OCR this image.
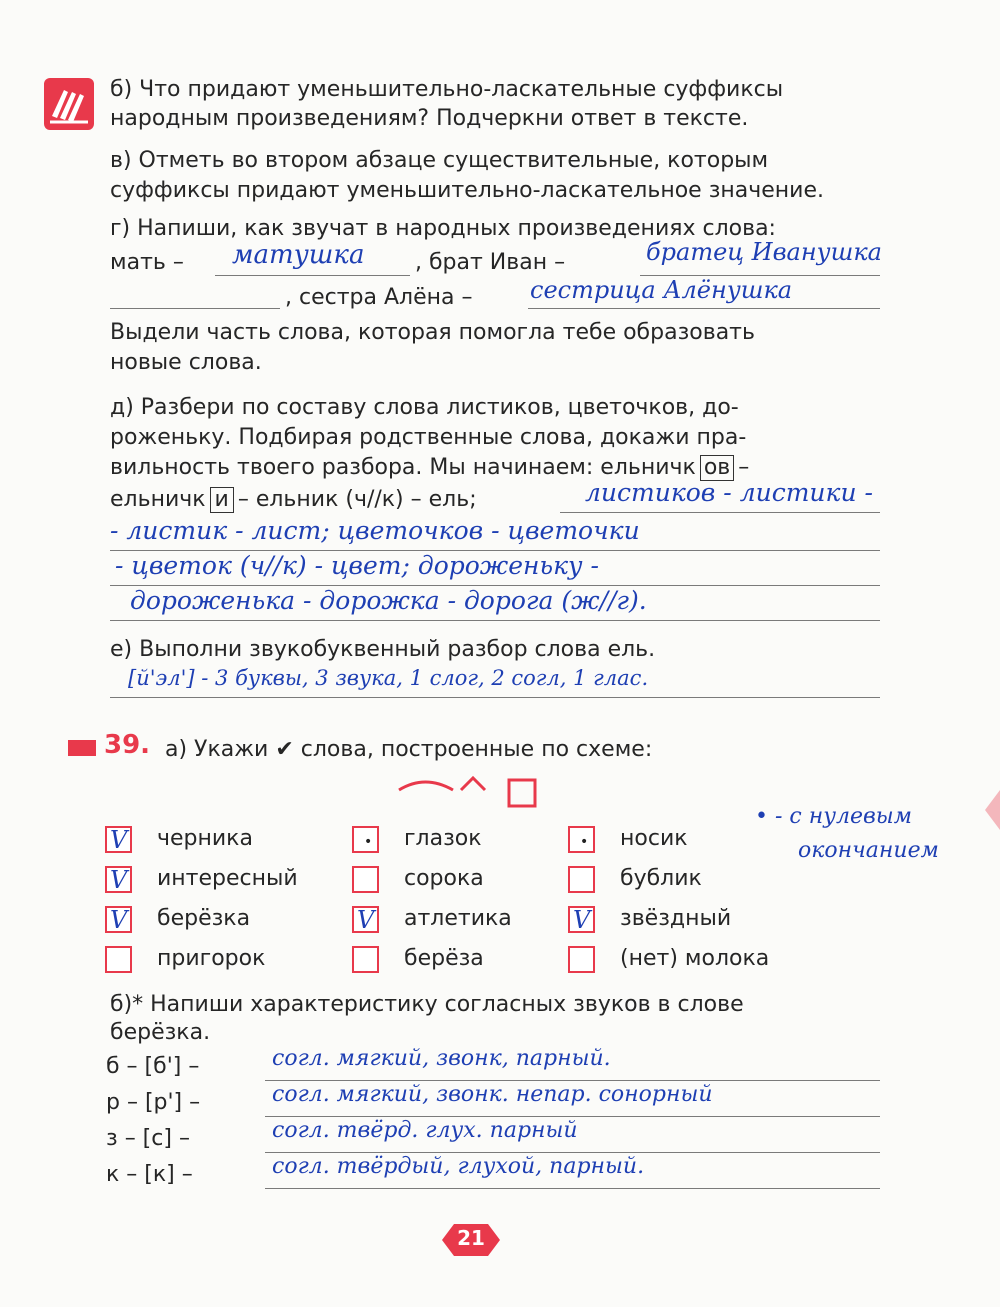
б) Что придают уменьшительно-ласкательные суффиксы
народным произведениям? Подчеркни ответ в тексте.
в) Отметь во втором абзаце существительные, которым
суффиксы придают уменьшительно-ласкательное значение.
г) Напиши, как звучат в народных произведениях слова:
мать – матушка , брат Иван –	братец Иванушка
, сестра Алёна – сестрица Алёнушка
Выдели часть слова, которая помогла тебе образовать
новые слова.
д) Разбери по составу слова листиков, цветочков, до-
роженьку. Подбирая родственные слова, докажи пра-
вильность твоего разбора. Мы начинаем: ельничк ов –
ельничк и – ельник (ч//к) – ель;	листиков - листики -
- листик - лист; цветочков - цветочки
- цветок (ч//к) - цвет; дороженьку -
дороженька - дорожка - дорога (ж//г).
е) Выполни звукобуквенный разбор слова ель.
[й'эл'] - 3 буквы, 3 звука, 1 слог, 2 согл, 1 глас.
39. а) Укажи ✔ слова, построенные по схеме:
• - с нулевым
окончанием
V черника	• глазок	• носик
V интересный	сорока	бублик
V берёзка	V атлетика	V звёздный
пригорок	берёза	(нет) молока
б)* Напиши характеристику согласных звуков в слове
берёзка.
б – [б'] –	согл. мягкий, звонк, парный.
р – [р'] –	согл. мягкий, звонк. непар. сонорный
з – [с] –	согл. твёрд. глух. парный
к – [к] –	согл. твёрдый, глухой, парный.
21
